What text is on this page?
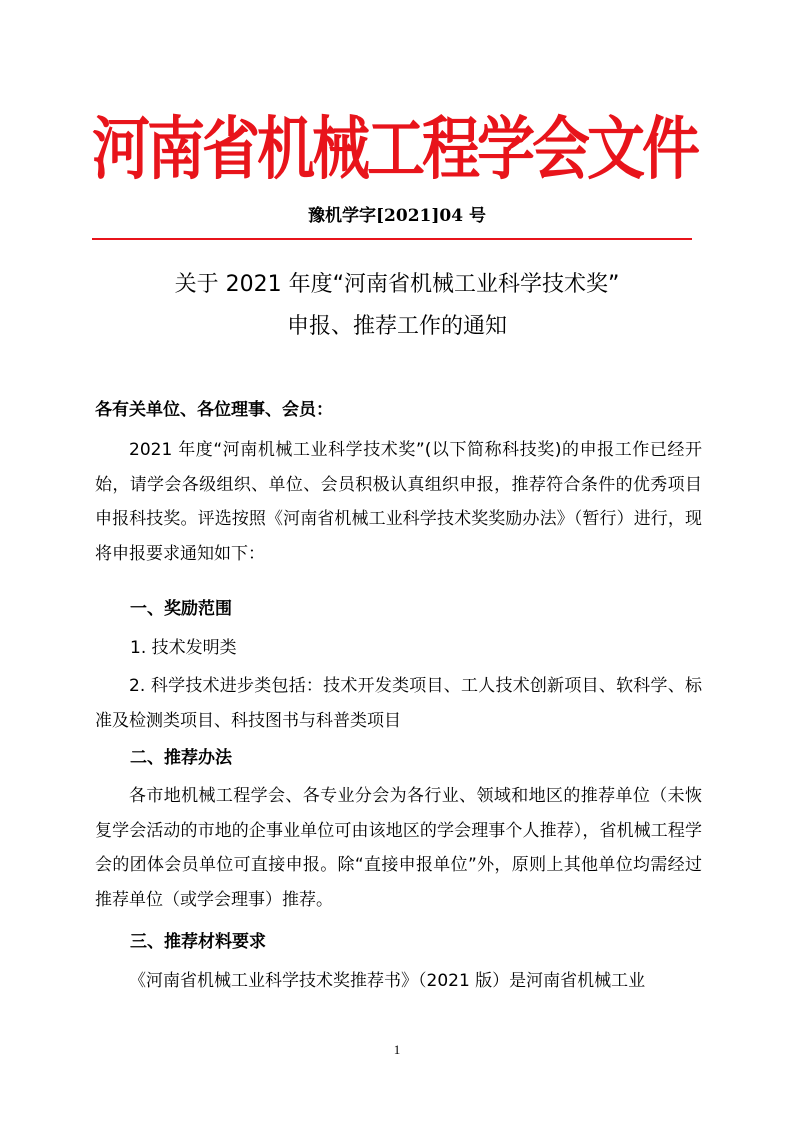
河南省机械工程学会文件
豫机学字[2021]04 号
关于 2021 年度“河南省机械工业科学技术奖”
申报、推荐工作的通知
各有关单位、各位理事、会员：
2021 年度“河南机械工业科学技术奖”(以下简称科技奖)的申报工作已经开始，请学会各级组织、单位、会员积极认真组织申报，推荐符合条件的优秀项目申报科技奖。评选按照《河南省机械工业科学技术奖奖励办法》（暂行）进行，现将申报要求通知如下：
一、奖励范围
1. 技术发明类
2. 科学技术进步类包括：技术开发类项目、工人技术创新项目、软科学、标准及检测类项目、科技图书与科普类项目
二、推荐办法
各市地机械工程学会、各专业分会为各行业、领域和地区的推荐单位（未恢复学会活动的市地的企事业单位可由该地区的学会理事个人推荐），省机械工程学会的团体会员单位可直接申报。除“直接申报单位”外，原则上其他单位均需经过推荐单位（或学会理事）推荐。
三、推荐材料要求
《河南省机械工业科学技术奖推荐书》（2021 版）是河南省机械工业
1
